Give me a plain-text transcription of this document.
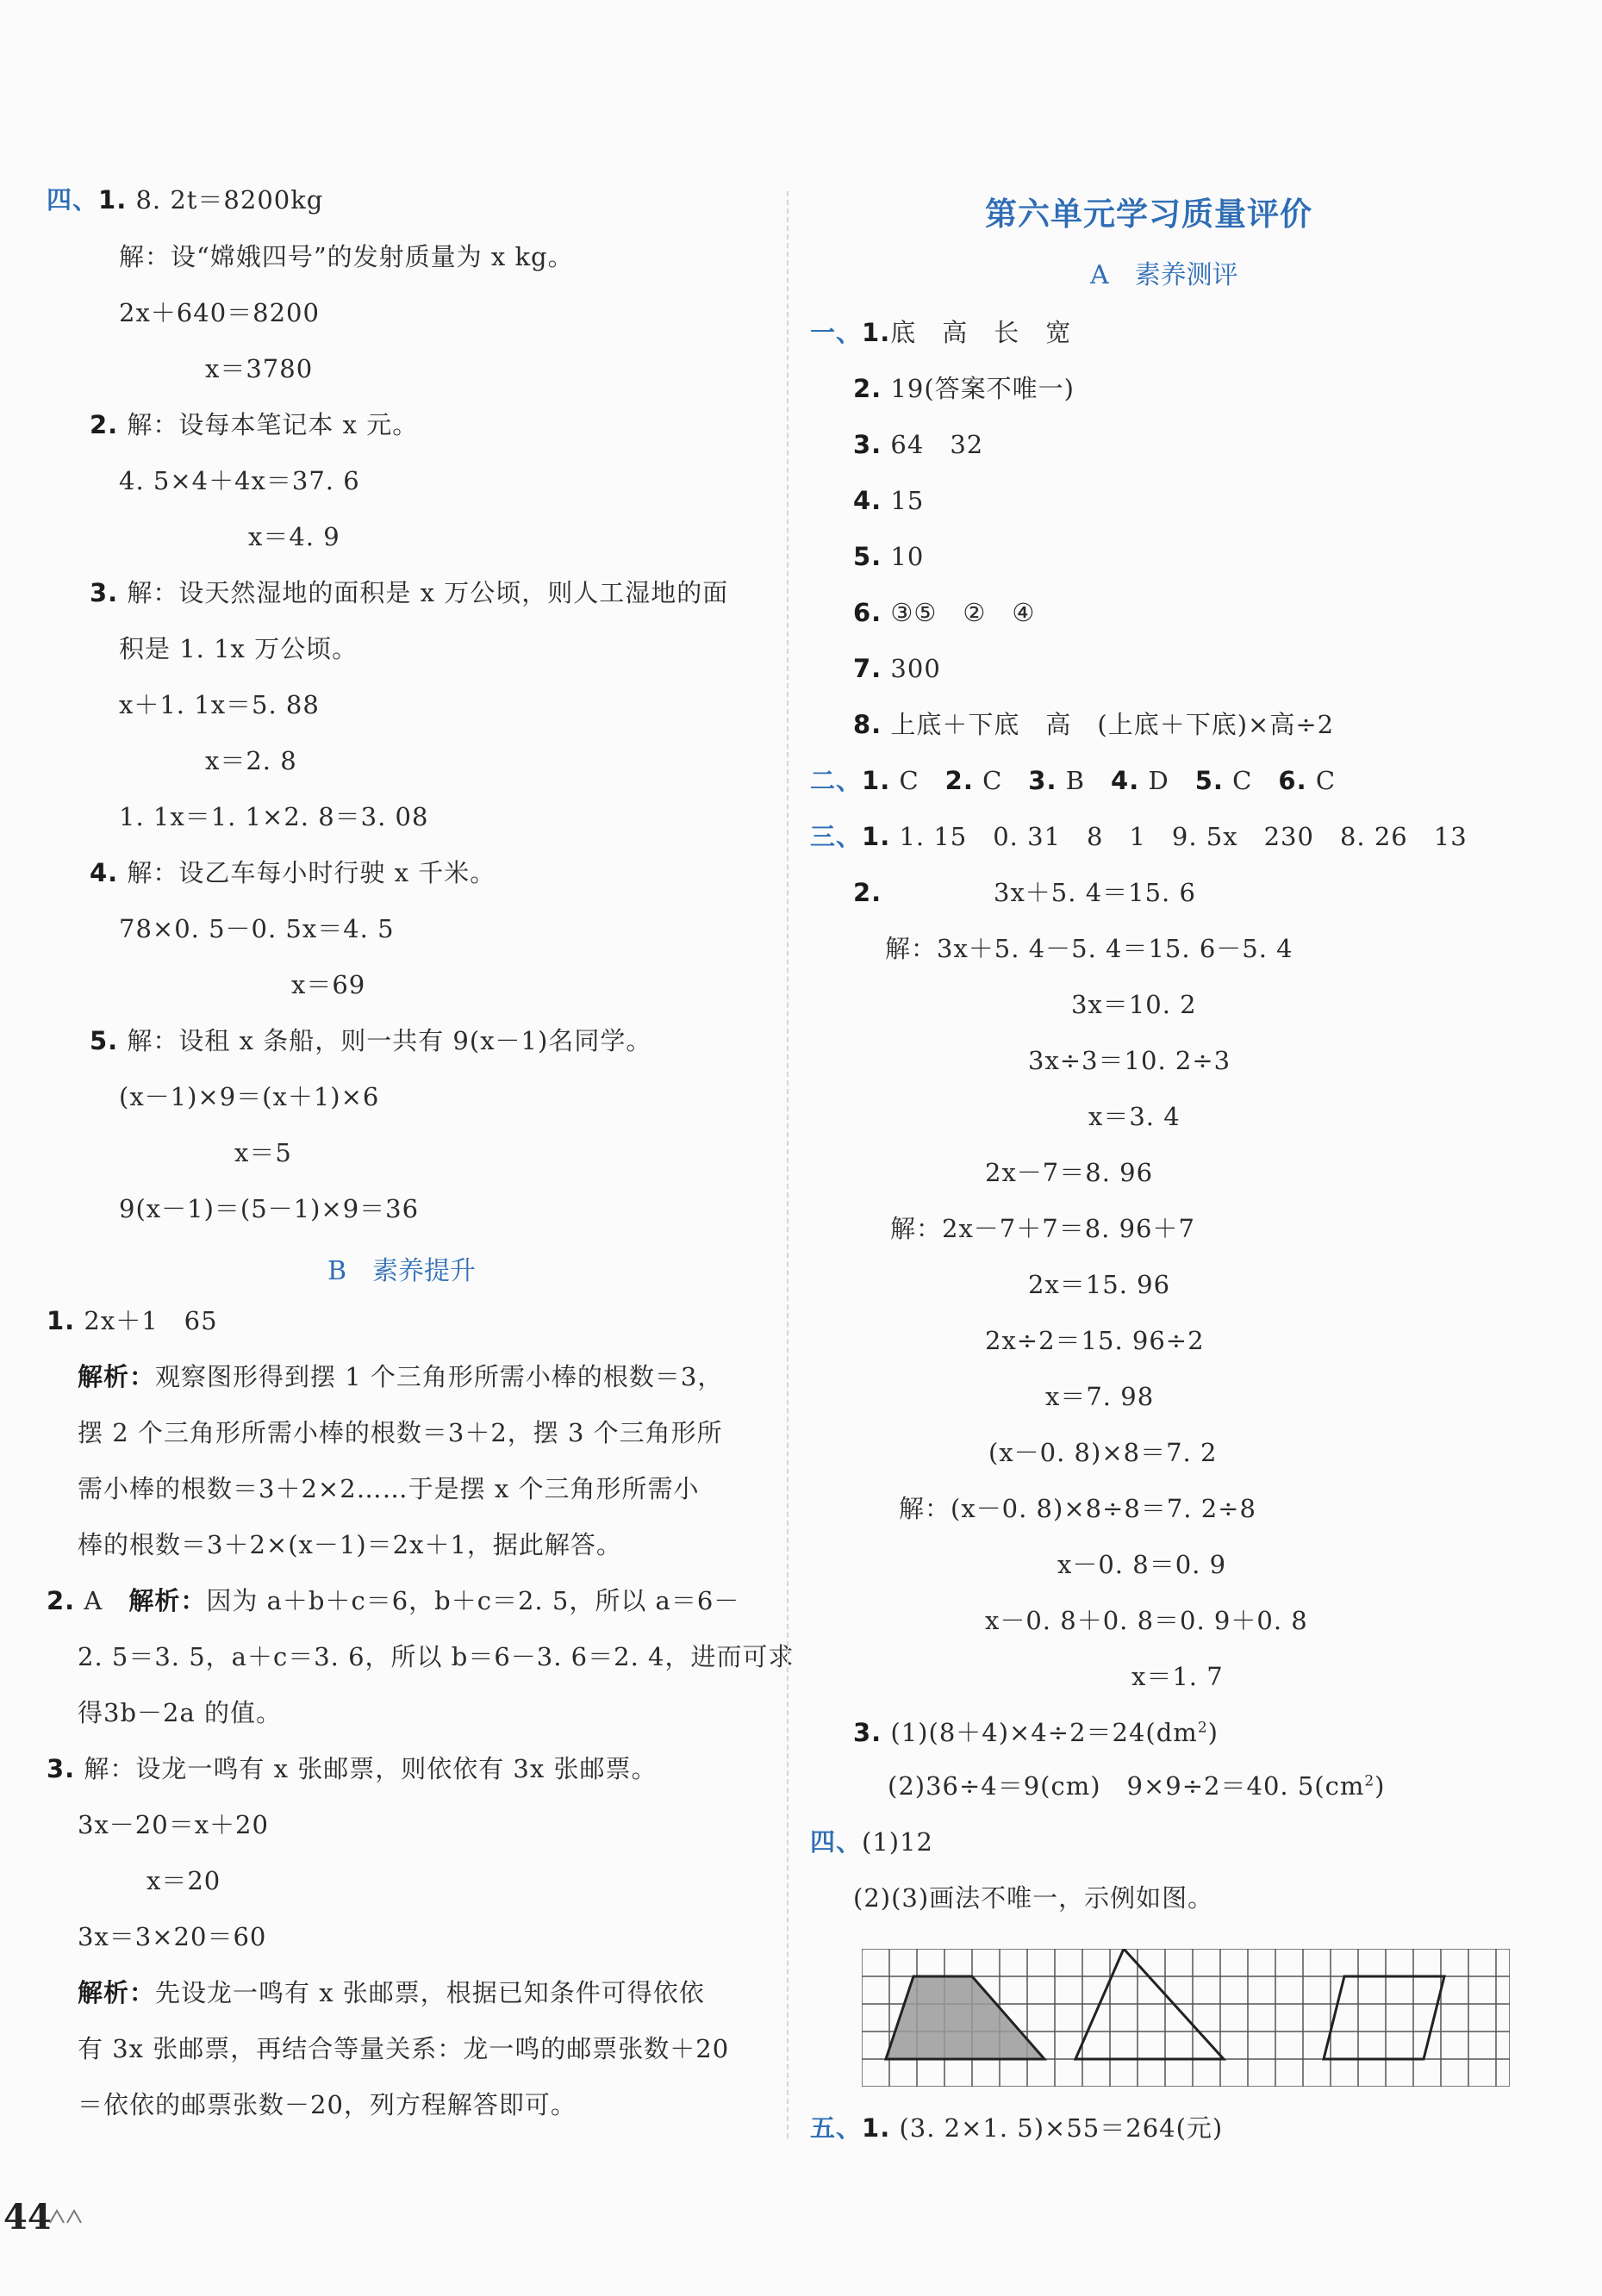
四、1. 8. 2t＝8200kg
解：设“嫦娥四号”的发射质量为 x kg。
2x＋640＝8200
x＝3780
2. 解：设每本笔记本 x 元。
4. 5×4＋4x＝37. 6
x＝4. 9
3. 解：设天然湿地的面积是 x 万公顷，则人工湿地的面
积是 1. 1x 万公顷。
x＋1. 1x＝5. 88
x＝2. 8
1. 1x＝1. 1×2. 8＝3. 08
4. 解：设乙车每小时行驶 x 千米。
78×0. 5－0. 5x＝4. 5
x＝69
5. 解：设租 x 条船，则一共有 9(x－1)名同学。
(x－1)×9＝(x＋1)×6
x＝5
9(x－1)＝(5－1)×9＝36
B　素养提升
1. 2x＋1　65
解析：观察图形得到摆 1 个三角形所需小棒的根数＝3，
摆 2 个三角形所需小棒的根数＝3＋2，摆 3 个三角形所
需小棒的根数＝3＋2×2……于是摆 x 个三角形所需小
棒的根数＝3＋2×(x－1)＝2x＋1，据此解答。
2. A　 解析：因为 a＋b＋c＝6，b＋c＝2. 5，所以 a＝6－
2. 5＝3. 5，a＋c＝3. 6，所以 b＝6－3. 6＝2. 4，进而可求
得3b－2a 的值。
3. 解：设龙一鸣有 x 张邮票，则依依有 3x 张邮票。
3x－20＝x＋20
x＝20
3x＝3×20＝60
解析：先设龙一鸣有 x 张邮票，根据已知条件可得依依
有 3x 张邮票，再结合等量关系：龙一鸣的邮票张数＋20
＝依依的邮票张数－20，列方程解答即可。
第六单元学习质量评价
A　素养测评
一、1.底　高　长　宽
2. 19(答案不唯一)
3. 64　32
4. 15
5. 10
6. ③⑤　②　④
7. 300
8. 上底＋下底　高　(上底＋下底)×高÷2
二、1. C　 2. C　 3. B　 4. D　 5. C　 6. C
三、1. 1. 15　0. 31　8　1　9. 5x　230　8. 26　13
2.	3x＋5. 4＝15. 6
解：3x＋5. 4－5. 4＝15. 6－5. 4
3x＝10. 2
3x÷3＝10. 2÷3
x＝3. 4
2x－7＝8. 96
解：2x－7＋7＝8. 96＋7
2x＝15. 96
2x÷2＝15. 96÷2
x＝7. 98
(x－0. 8)×8＝7. 2
解：(x－0. 8)×8÷8＝7. 2÷8
x－0. 8＝0. 9
x－0. 8＋0. 8＝0. 9＋0. 8
x＝1. 7
3. $(1)(8+4)\times 4\div 2=24(dm^2)$
(2)36÷4＝9(cm)　9×9÷2＝40. $5(cm^2)$
四、(1)12
(2)(3)画法不唯一，示例如图。
五、1. (3. 2×1. 5)×55＝264(元)
44
